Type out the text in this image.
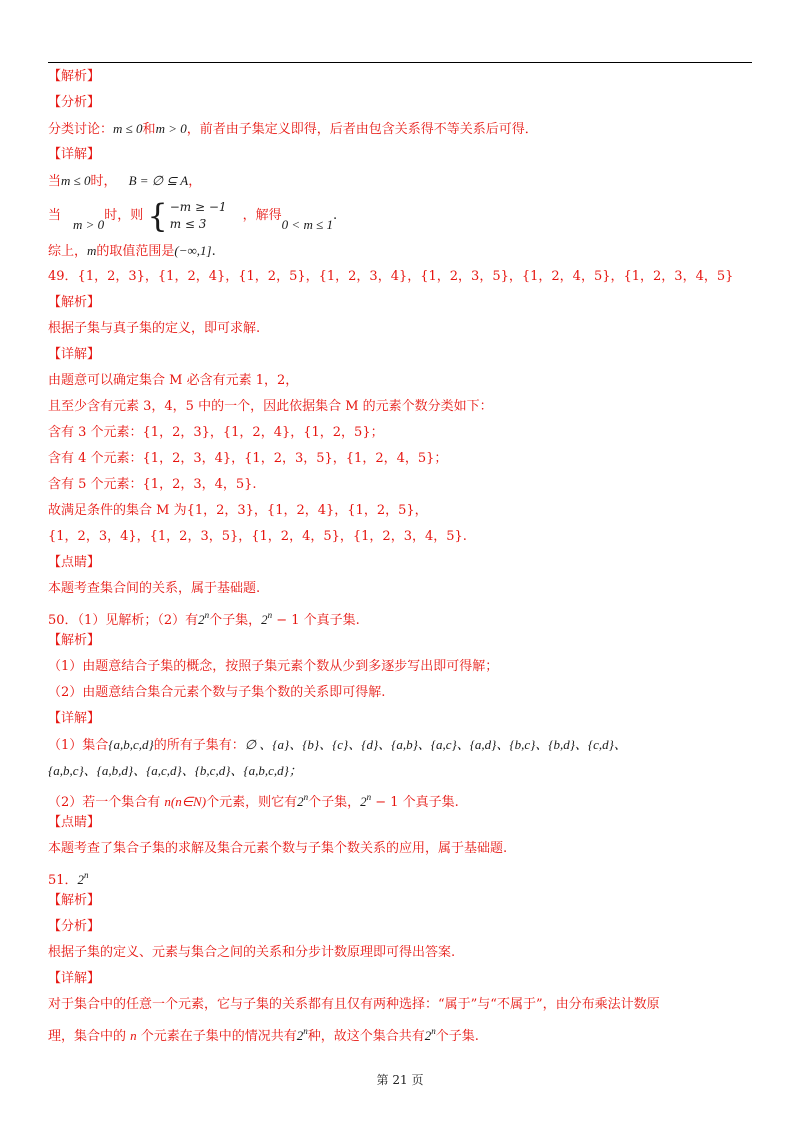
【解析】
【分析】
分类讨论：m ≤ 0和m > 0，前者由子集定义即得，后者由包含关系得不等关系后可得．
【详解】
当m ≤ 0时， B = ∅ ⊆ A，
当m > 0时，则 { −m ≥ −1
m ≤ 3
，解得0 < m ≤ 1.
综上，m的取值范围是(−∞,1].
49．{1，2，3}，{1，2，4}，{1，2，5}，{1，2，3，4}，{1，2，3，5}，{1，2，4，5}，{1，2，3，4，5}
【解析】
根据子集与真子集的定义，即可求解.
【详解】
由题意可以确定集合 M 必含有元素 1，2，
且至少含有元素 3，4，5 中的一个，因此依据集合 M 的元素个数分类如下：
含有 3 个元素：{1，2，3}，{1，2，4}，{1，2，5}；
含有 4 个元素：{1，2，3，4}，{1，2，3，5}，{1，2，4，5}；
含有 5 个元素：{1，2，3，4，5}.
故满足条件的集合 M 为{1，2，3}，{1，2，4}，{1，2，5}，
{1，2，3，4}，{1，2，3，5}，{1，2，4，5}，{1，2，3，4，5}.
【点睛】
本题考查集合间的关系，属于基础题.
50．（1）见解析；（2）有2$^n$个子集，$2^n - 1$ 个真子集.
【解析】
（1）由题意结合子集的概念，按照子集元素个数从少到多逐步写出即可得解；
（2）由题意结合集合元素个数与子集个数的关系即可得解.
【详解】
（1）集合{a,b,c,d}的所有子集有：∅ 、{a}、{b}、{c}、{d}、{a,b}、{a,c}、{a,d}、{b,c}、{b,d}、{c,d}、
{a,b,c}、{a,b,d}、{a,c,d}、{b,c,d}、{a,b,c,d}；
（2）若一个集合有 n(n∈N)个元素，则它有2$^n$个子集，$2^n - 1$ 个真子集.
【点睛】
本题考查了集合子集的求解及集合元素个数与子集个数关系的应用，属于基础题.
51．2$^n$
【解析】
【分析】
根据子集的定义、元素与集合之间的关系和分步计数原理即可得出答案.
【详解】
对于集合中的任意一个元素，它与子集的关系都有且仅有两种选择：“属于”与“不属于”，由分布乘法计数原
理，集合中的 n 个元素在子集中的情况共有2$^n$种，故这个集合共有2$^n$个子集.
第 21 页
